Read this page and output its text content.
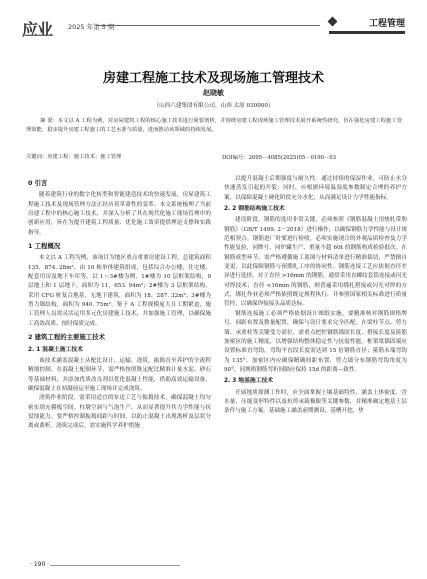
应业 2025 年第 5 期	工程管理
房建工程施工技术及现场施工管理技术
赵晓敏
（山西六建集团有限公司，山西 太原 030000）
摘 要：本文以 A 工程为例，对房屋建筑工程的核心施工技术进行简要剖析，并围绕房建工程现场施工管理技术展开系统性研究，旨在强化房建工程施工管理效能，稳步提升房建工程施工的工艺水准与质量，进而推动该领域的持续发展。
关键词：房建工程；施工技术；施工管理	DOI编号：2095－4085(2025)05－0190－03
0 引言

随着建筑行业的数字化转型和智能建造技术的快速发展，房屋建筑工程施工技术及现场管理方法正经历着革命性的变革。本文系统梳理了当前房建工程中的核心施工技术，并深入分析了其在现代化施工现场管理中的创新应用，旨在为提升建筑工程质量、优化施工效率提供理论支撑和实践指导。

1 工程概况

本文以 A 工程为例，该项目为地区重点重要房建设工程，总建筑面积 135，874. 28m²，由 10 栋单体建筑组成，包括综合办公楼、住宅楼、配套用房及地下车库等。以 1～3#楼为例，1#楼为 10 层框架结构，9 层地上和 1 层地下，面积为 11，653. 94m²；2#楼为 3 层框架结构，采用 CFG 桩复合地基，无地下建筑，面积为 18，287. 32m²；3#楼为剪力墙结构，面积为 940. 75m²。鉴于 A 工程规模庞大且工期紧迫，施工管理人员需灵活运用多元化房建施工技术，并加强施工管理，以确保施工高效高质，按时保质完成。

2 建筑工程的主要施工技术
2. 1 混凝土施工技术

该技术涵盖混凝土从配比设计、运输、浇筑、振捣直至养护的全流程精细控制。在混凝土配制环节，需严格按照既定配比精准计量水泥、砂石等基础材料，并添加优质改良剂以优化混凝土性能，借助高效运输设备，确保混凝土在初凝前运至施工现场并完成浇筑。

浇筑作业阶段，需采用适宜的泵送工艺与振捣技术，确保混凝土均匀密实填充模板空间。柱墩空洞与气泡生产，从而显著提升其力学性能与抗侵蚀能力。要严格控制振捣间距与时间，以防止混凝土出现离析及层状分离或离析。浇筑完成后，需实施科学养护措施

以提升混凝土后期强度与耐久性。通过持续的保湿作业，可防止水分快速蒸发引起的开裂；同时，应根据环境温湿度参数制定合理的养护方案，以保障混凝土硬化阶段充分水化，从而满足设计力学性能指标。

2. 2 钢筋结构施工技术

建设阶段，钢筋的选用非常关键，必须参照《钢筋混凝土用热轧带肋钢筋》（GB/T 1499. 2－2018）进行操作，以确保钢筋力学性能与设计规范相契合。钢筋进厂时要进行检收，必须实施现合的外观品质检查及力学性能复验，同牌号、同炉罐生产、重量不超 60t 的钢筋构成检验批次。在钢筋成型环节，需严格遵循施工蓝图与材料清单进行精准裁切，严禁擅自变更，以此保障钢筋与预期扎工序的协同性。钢筋连接工艺应依据直径差异进行选择，对于直径 >16mm 的钢筋，通常采用直螺纹套筒连接或闪光对焊技术；直径 <16mm 的钢筋，则普遍采用绑扎搭接或闪光对焊的方式，绑扎作业必须严格依照既定规程执行，并参照国家相关标准进行质量管控，以确保焊接接头品质达标。

钢筋连接施工必须严格依据设计图纸实施，要精准核对钢筋规格牌号、间距布置及数量配置，确保与设计要求完全匹配。在梁柱节点、剪力墙、承重柱等关键受力部位，需重点把控钢筋锚固长度、搭接长度及箍筋加密区的施工精度，以增强结构整体稳定性与抗震性能。框架梁锚固端应设置标准直弯钩，弯钩平直段长度需达到 15 倍钢筋直径；箍筋末端弯钩为 135°，加密区内应确保精确间距布置，剪力墙分布钢筋弯钩角度为 90°，同规格钢筋弯折间隔应保持 15d 的距离—致性。

2. 3 地基施工技术

开展地质探测工作时，应全面掌握土壤基础特性、涵盖土体密度、含水量、压缩变形特性以及抗剪承载极限等关键参数，并精准确定地基土层条件与施工方案。基础施工涵盖前期测设、基槽开挖、垫

· 190 ·
